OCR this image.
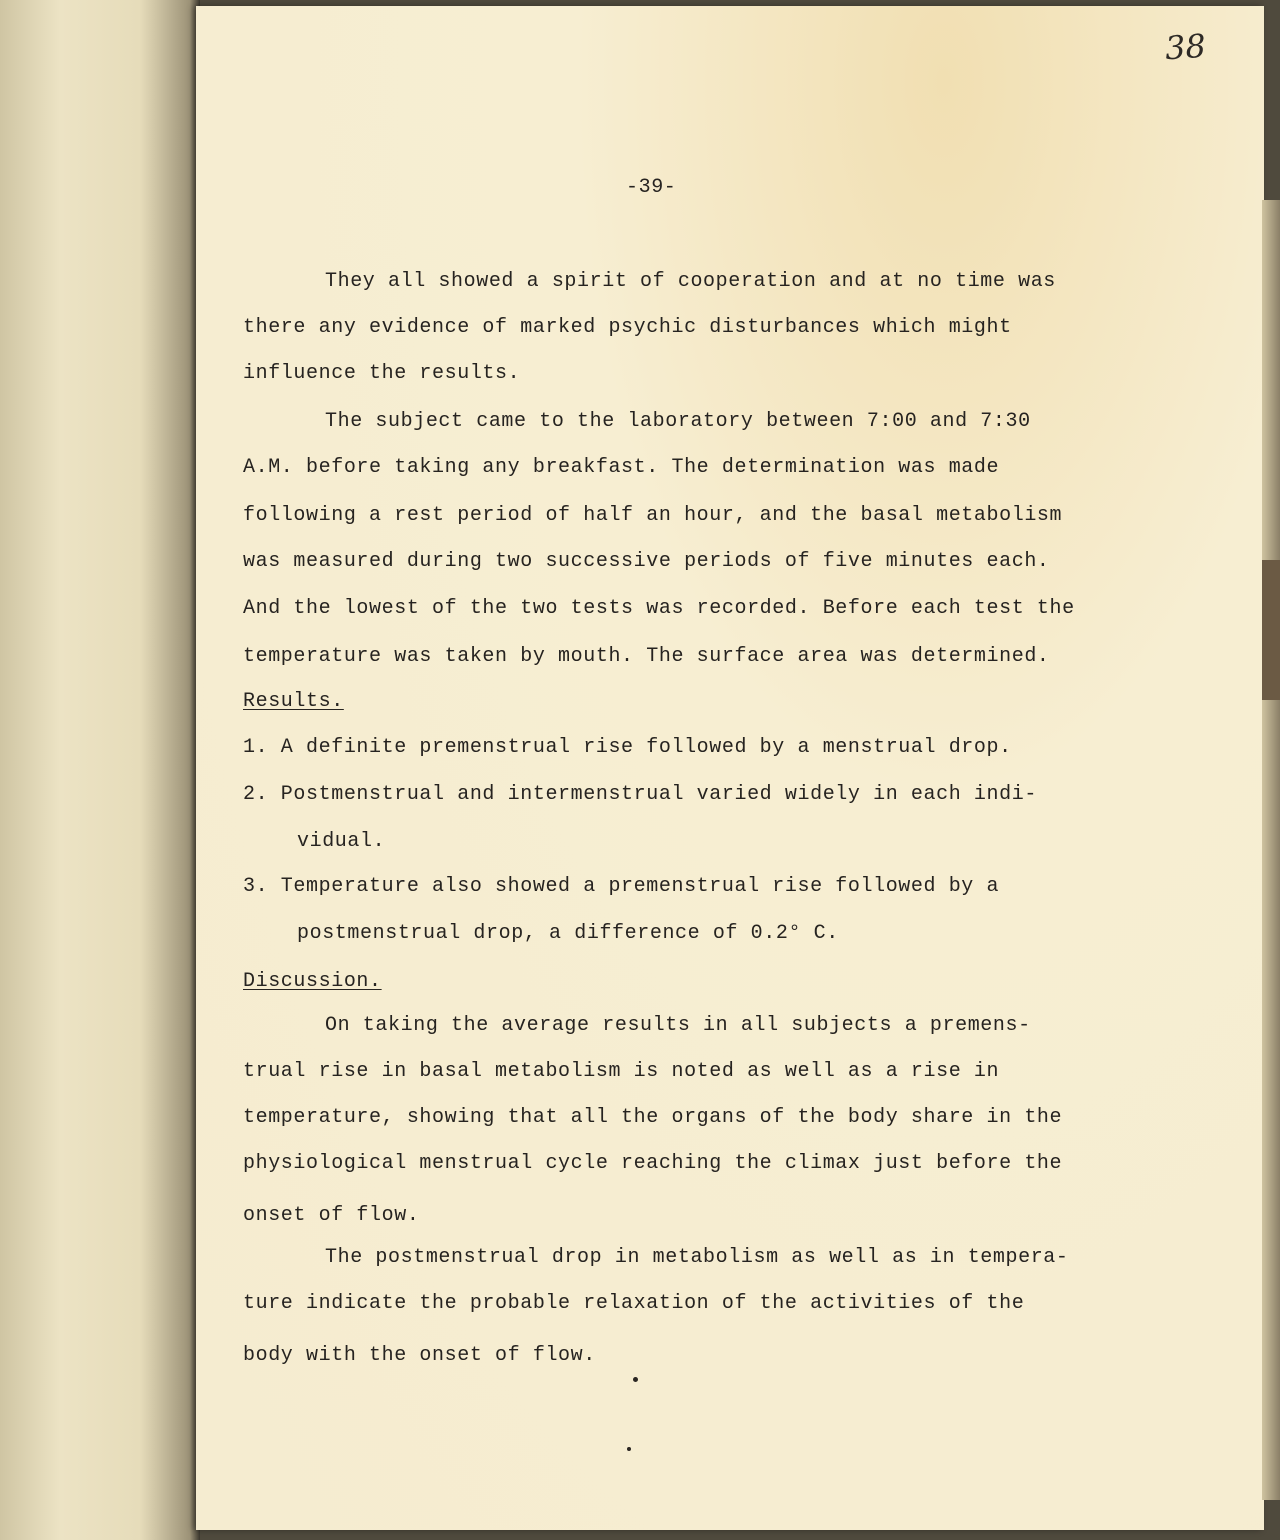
38
-39-
They all showed a spirit of cooperation and at no time was
there any evidence of marked psychic disturbances which might
influence the results.
The subject came to the laboratory between 7:00 and 7:30
A.M. before taking any breakfast. The determination was made
following a rest period of half an hour, and the basal metabolism
was measured during two successive periods of five minutes each.
And the lowest of the two tests was recorded. Before each test the
temperature was taken by mouth. The surface area was determined.
Results.
1. A definite premenstrual rise followed by a menstrual drop.
2. Postmenstrual and intermenstrual varied widely in each indi-
vidual.
3. Temperature also showed a premenstrual rise followed by a
postmenstrual drop, a difference of 0.2° C.
Discussion.
On taking the average results in all subjects a premens-
trual rise in basal metabolism is noted as well as a rise in
temperature, showing that all the organs of the body share in the
physiological menstrual cycle reaching the climax just before the
onset of flow.
The postmenstrual drop in metabolism as well as in tempera-
ture indicate the probable relaxation of the activities of the
body with the onset of flow.
